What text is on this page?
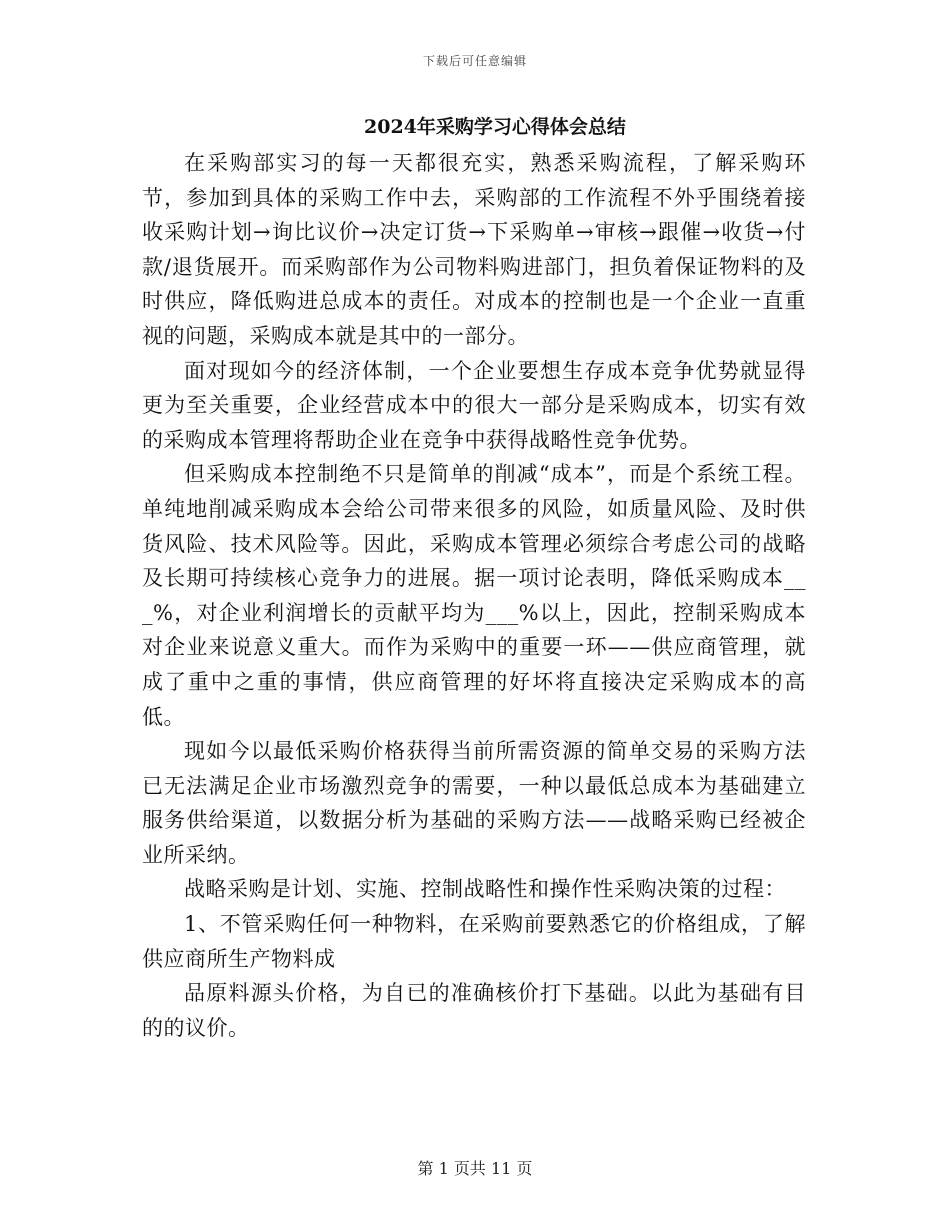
下载后可任意编辑
2024年采购学习心得体会总结

在采购部实习的每一天都很充实，熟悉采购流程，了解采购环节，参加到具体的采购工作中去，采购部的工作流程不外乎围绕着接收采购计划→询比议价→决定订货→下采购单→审核→跟催→收货→付款/退货展开。而采购部作为公司物料购进部门，担负着保证物料的及时供应，降低购进总成本的责任。对成本的控制也是一个企业一直重视的问题，采购成本就是其中的一部分。

面对现如今的经济体制，一个企业要想生存成本竞争优势就显得更为至关重要，企业经营成本中的很大一部分是采购成本，切实有效的采购成本管理将帮助企业在竞争中获得战略性竞争优势。

但采购成本控制绝不只是简单的削减“成本”，而是个系统工程。单纯地削减采购成本会给公司带来很多的风险，如质量风险、及时供货风险、技术风险等。因此，采购成本管理必须综合考虑公司的战略及长期可持续核心竞争力的进展。据一项讨论表明，降低采购成本___%，对企业利润增长的贡献平均为___%以上，因此，控制采购成本对企业来说意义重大。而作为采购中的重要一环——供应商管理，就成了重中之重的事情，供应商管理的好坏将直接决定采购成本的高低。

现如今以最低采购价格获得当前所需资源的简单交易的采购方法已无法满足企业市场激烈竞争的需要，一种以最低总成本为基础建立服务供给渠道，以数据分析为基础的采购方法——战略采购已经被企业所采纳。

战略采购是计划、实施、控制战略性和操作性采购决策的过程：

1、不管采购任何一种物料，在采购前要熟悉它的价格组成，了解供应商所生产物料成

品原料源头价格，为自已的准确核价打下基础。以此为基础有目的的议价。

第 1 页共 11 页
